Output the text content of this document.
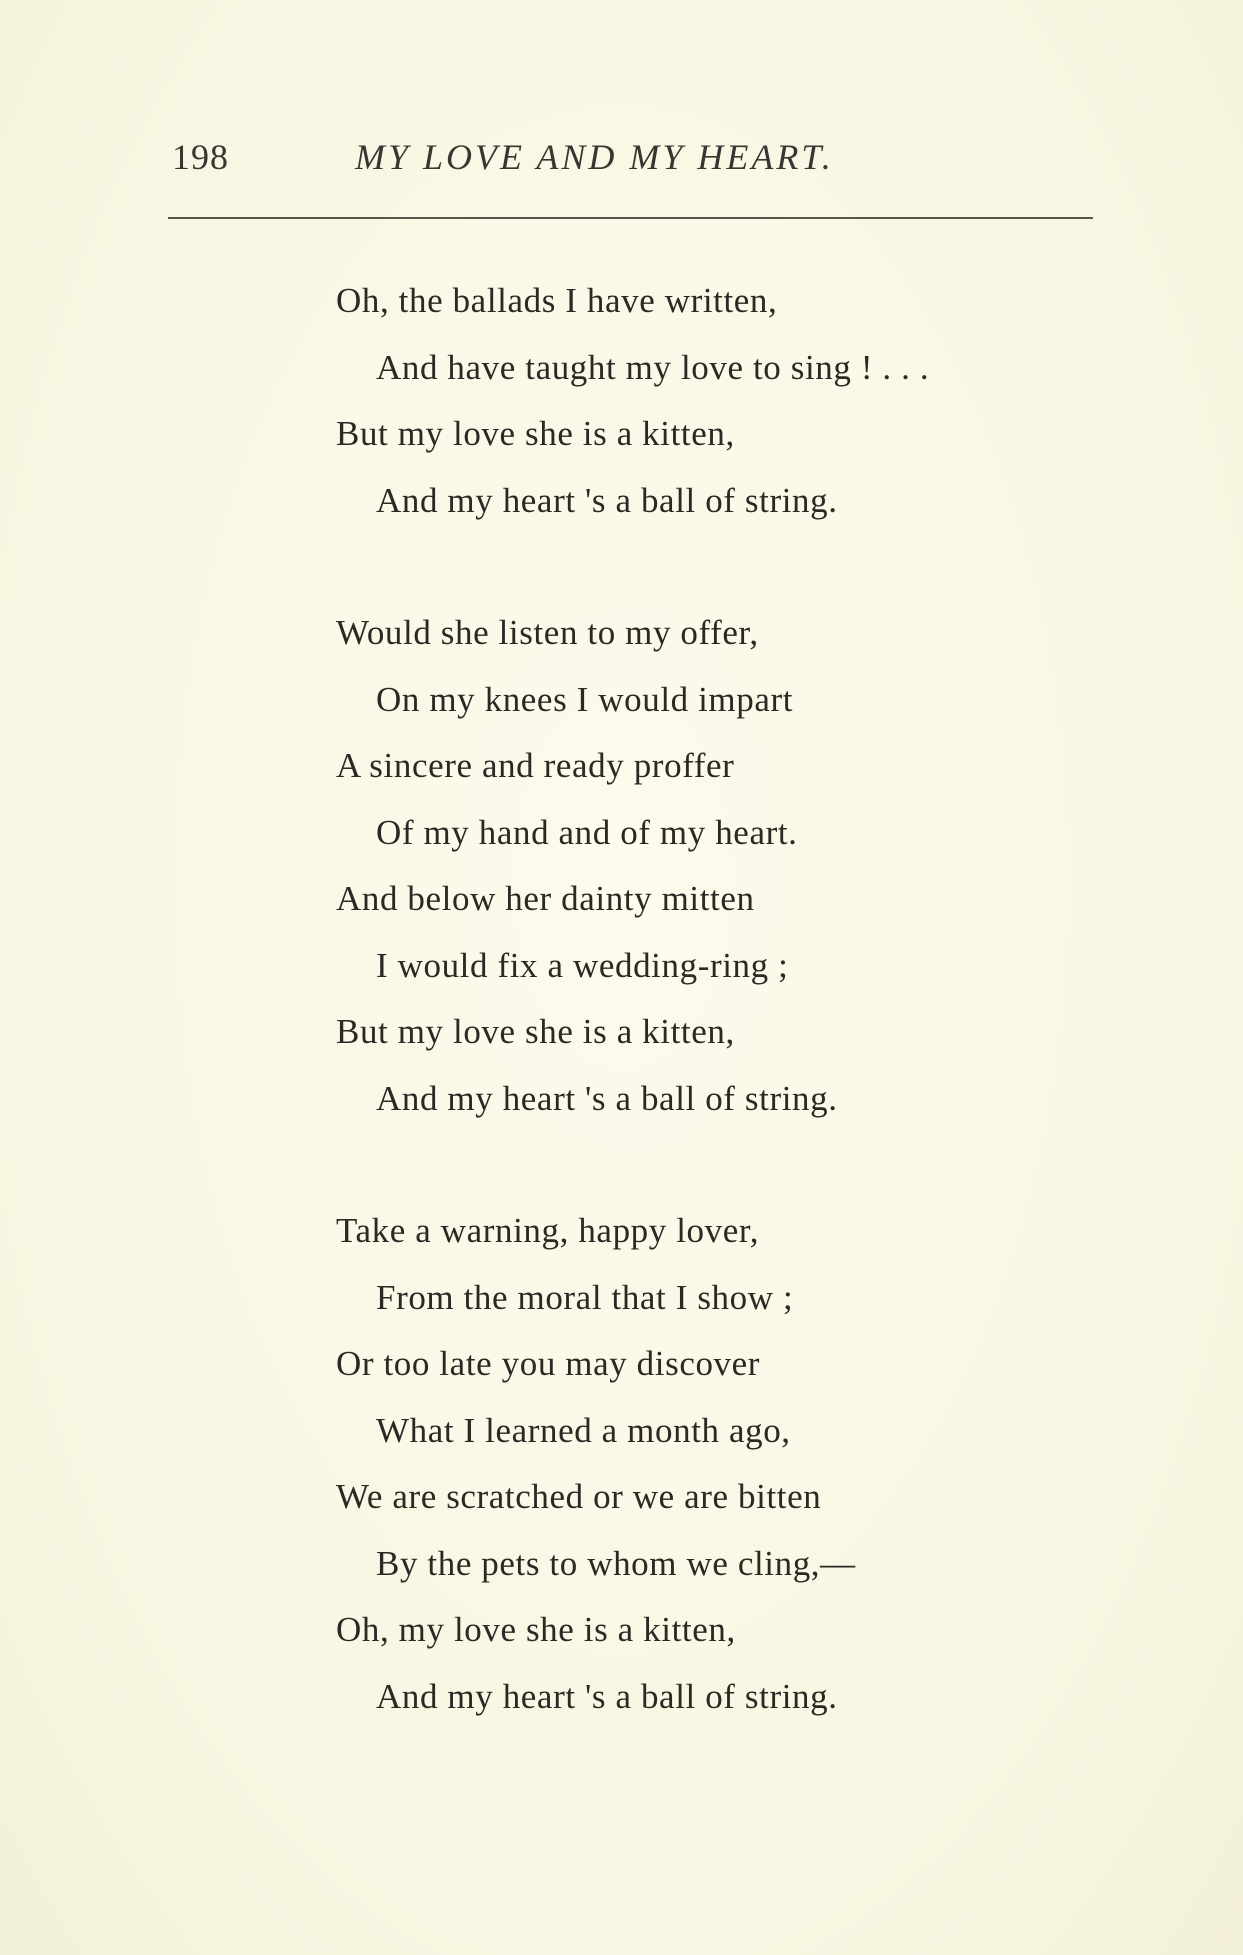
198	MY LOVE AND MY HEART.
Oh, the ballads I have written,
And have taught my love to sing ! . . .
But my love she is a kitten,
And my heart 's a ball of string.
Would she listen to my offer,
On my knees I would impart
A sincere and ready proffer
Of my hand and of my heart.
And below her dainty mitten
I would fix a wedding-ring ;
But my love she is a kitten,
And my heart 's a ball of string.
Take a warning, happy lover,
From the moral that I show ;
Or too late you may discover
What I learned a month ago,
We are scratched or we are bitten
By the pets to whom we cling,—
Oh, my love she is a kitten,
And my heart 's a ball of string.
